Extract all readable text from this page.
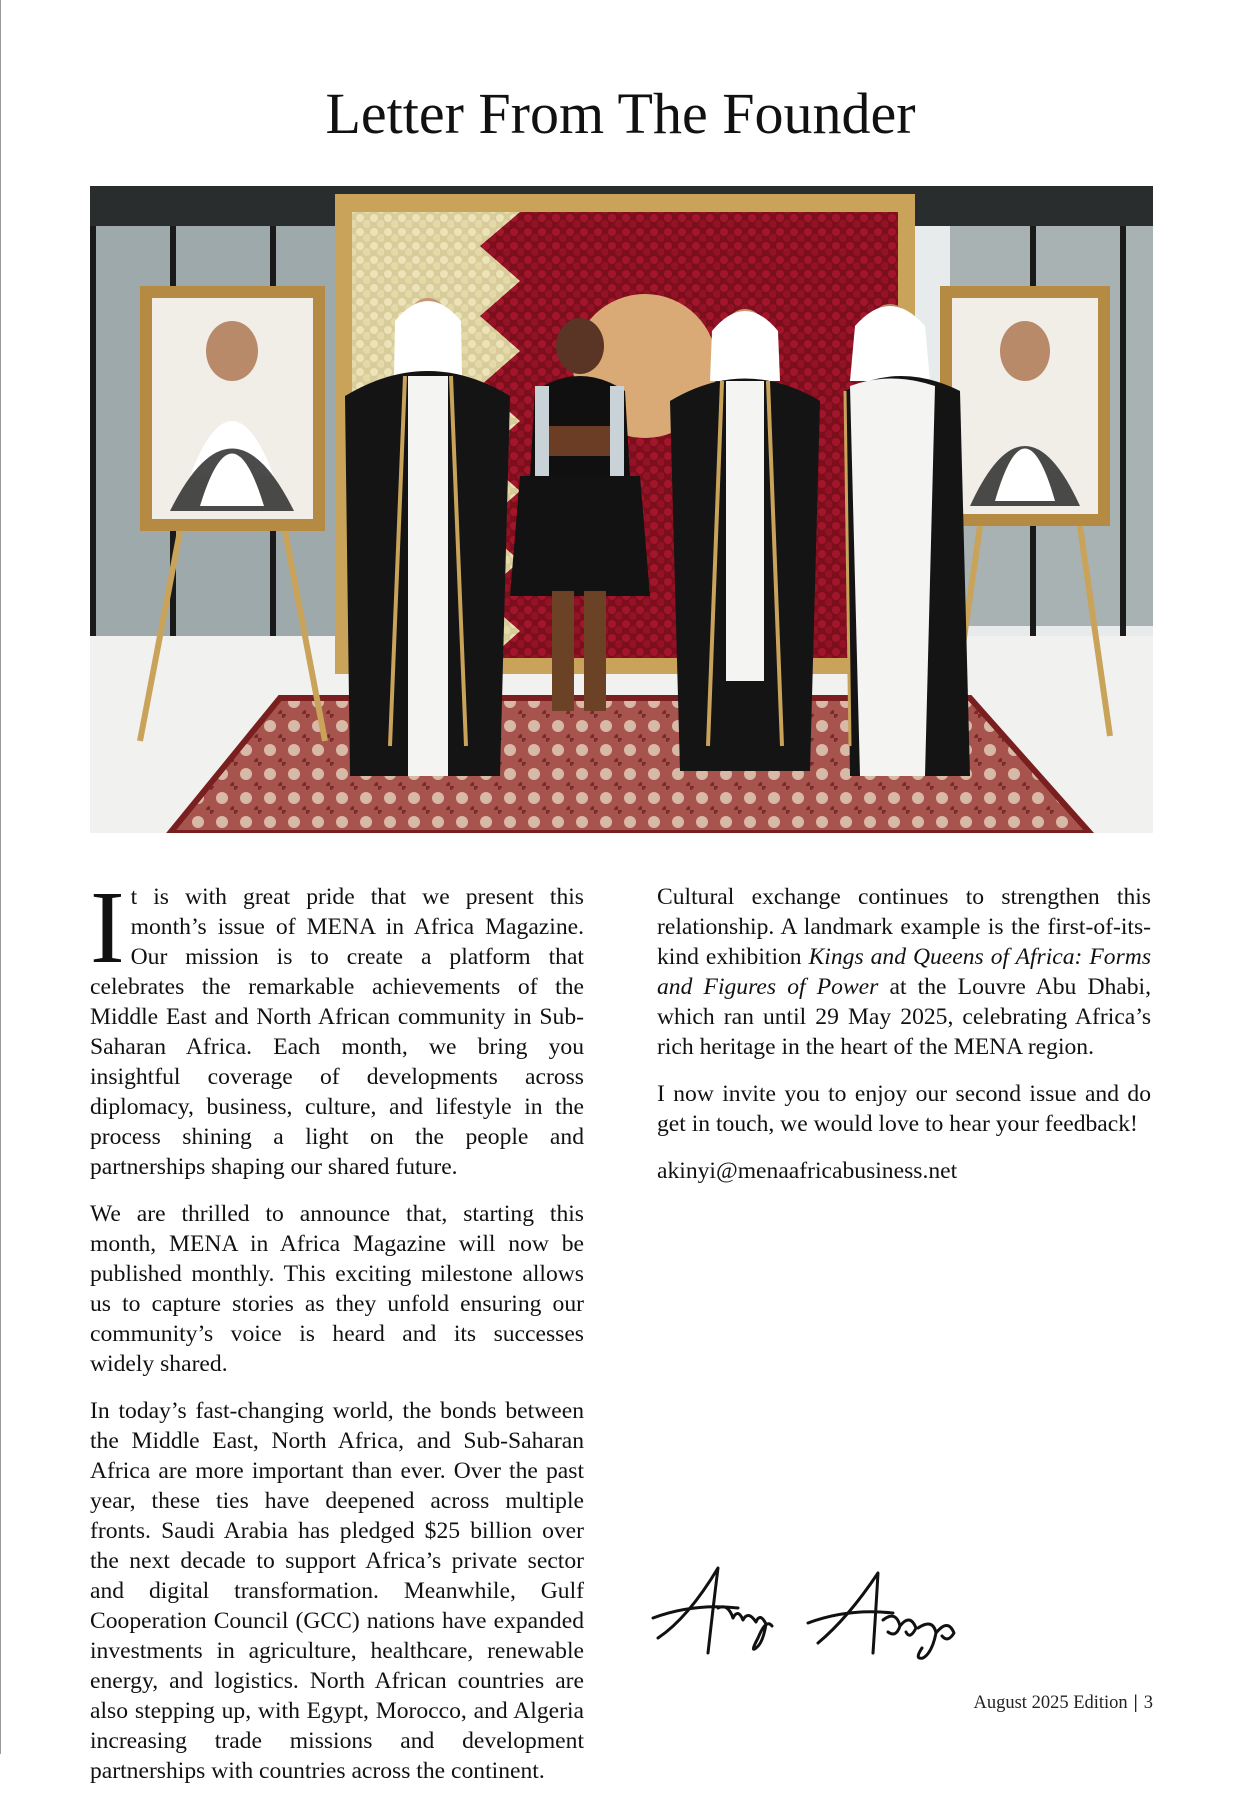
Letter From The Founder

It is with great pride that we present this month’s issue of MENA in Africa Magazine. Our mission is to create a platform that celebrates the remarkable achievements of the Middle East and North African community in Sub-Saharan Africa. Each month, we bring you insightful coverage of developments across diplomacy, business, culture, and lifestyle in the process shining a light on the people and partnerships shaping our shared future.

We are thrilled to announce that, starting this month, MENA in Africa Magazine will now be published monthly. This exciting milestone allows us to capture stories as they unfold ensuring our community’s voice is heard and its successes widely shared.

In today’s fast-changing world, the bonds between the Middle East, North Africa, and Sub-Saharan Africa are more important than ever. Over the past year, these ties have deepened across multiple fronts. Saudi Arabia has pledged $25 billion over the next decade to support Africa’s private sector and digital transformation. Meanwhile, Gulf Cooperation Council (GCC) nations have expanded investments in agriculture, healthcare, renewable energy, and logistics. North African countries are also stepping up, with Egypt, Morocco, and Algeria increasing trade missions and development partnerships with countries across the continent.

Cultural exchange continues to strengthen this relationship. A landmark example is the first-of-its-kind exhibition Kings and Queens of Africa: Forms and Figures of Power at the Louvre Abu Dhabi, which ran until 29 May 2025, celebrating Africa’s rich heritage in the heart of the MENA region.

I now invite you to enjoy our second issue and do get in touch, we would love to hear your feedback!

akinyi@menaafricabusiness.net

Akinyi Adongo
August 2025 Edition | 3
